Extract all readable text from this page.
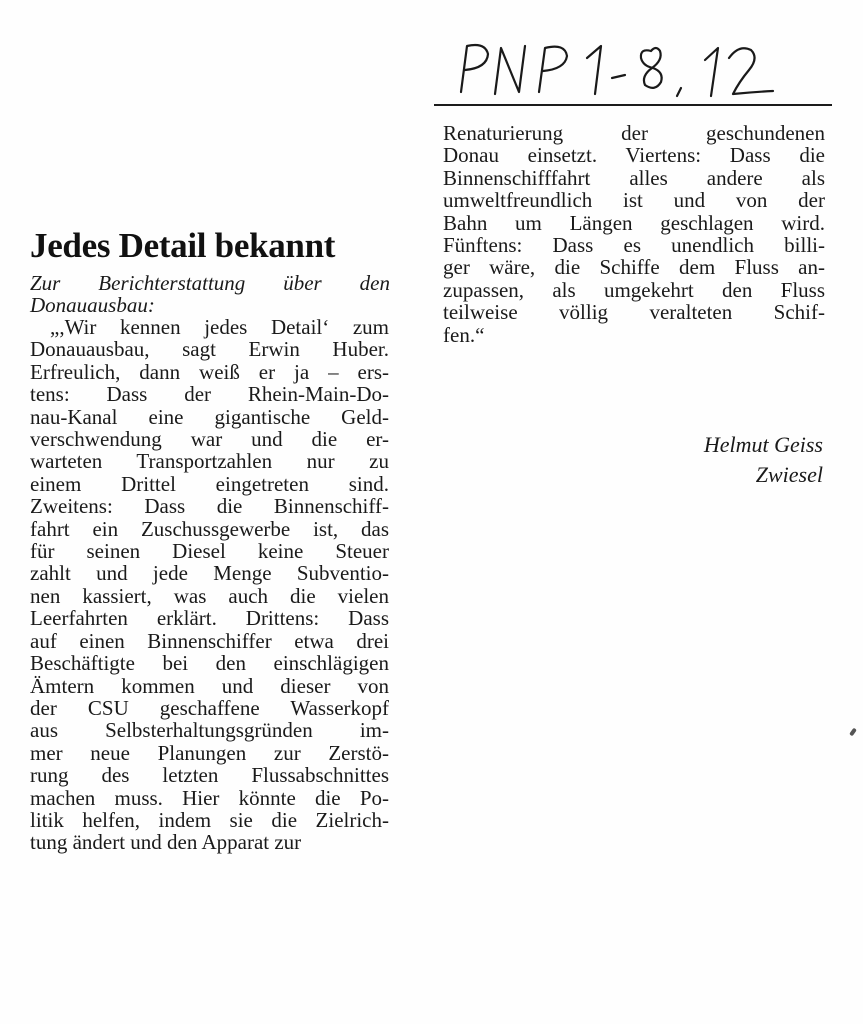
Jedes Detail bekannt

Zur Berichterstattung über den Donauausbau:

„,Wir kennen jedes Detail‘ zum
Donauausbau, sagt Erwin Huber.
Erfreulich, dann weiß er ja – ers-
tens: Dass der Rhein-Main-Do-
nau-Kanal eine gigantische Geld-
verschwendung war und die er-
warteten Transportzahlen nur zu
einem Drittel eingetreten sind.
Zweitens: Dass die Binnenschiff-
fahrt ein Zuschussgewerbe ist, das
für seinen Diesel keine Steuer
zahlt und jede Menge Subventio-
nen kassiert, was auch die vielen
Leerfahrten erklärt. Drittens: Dass
auf einen Binnenschiffer etwa drei
Beschäftigte bei den einschlägigen
Ämtern kommen und dieser von
der CSU geschaffene Wasserkopf
aus Selbsterhaltungsgründen im-
mer neue Planungen zur Zerstö-
rung des letzten Flussabschnittes
machen muss. Hier könnte die Po-
litik helfen, indem sie die Zielrich-
tung ändert und den Apparat zur
Renaturierung der geschundenen
Donau einsetzt. Viertens: Dass die
Binnenschifffahrt alles andere als
umweltfreundlich ist und von der
Bahn um Längen geschlagen wird.
Fünftens: Dass es unendlich billi-
ger wäre, die Schiffe dem Fluss an-
zupassen, als umgekehrt den Fluss
teilweise völlig veralteten Schif-
fen.“

Helmut Geiss
Zwiesel
